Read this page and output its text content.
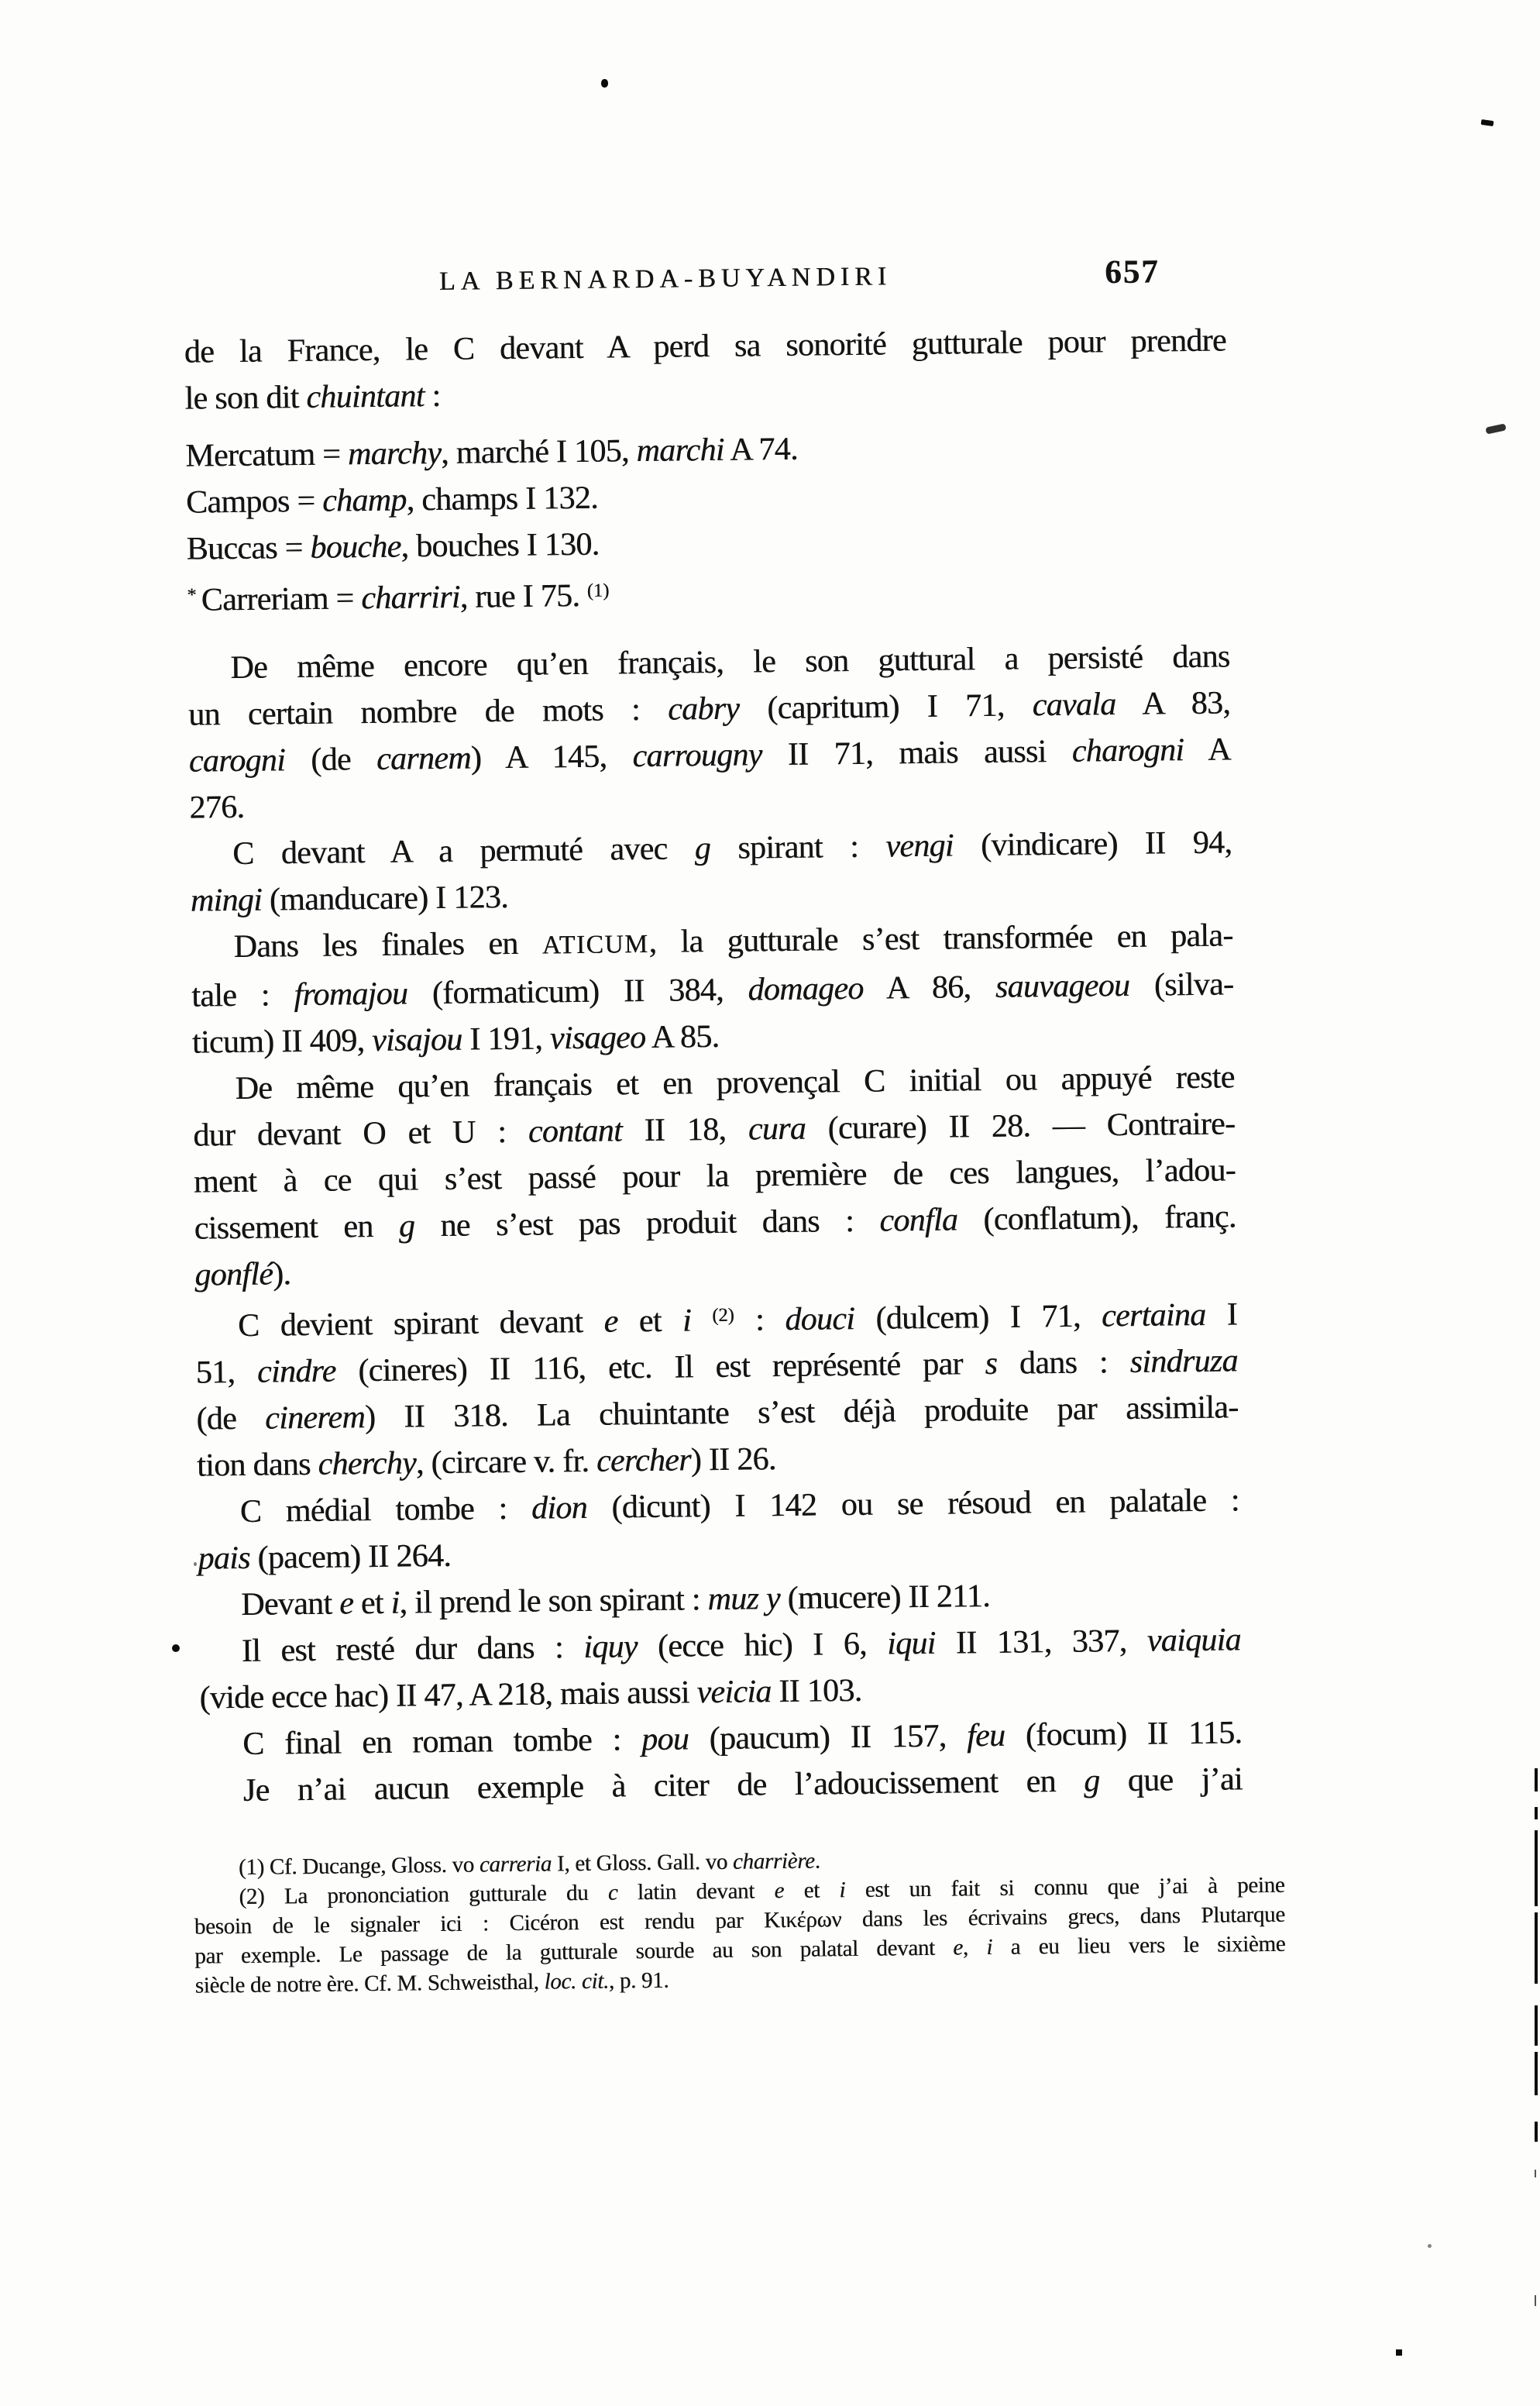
LA BERNARDA-BUYANDIRI	657
de la France, le C devant A perd sa sonorité gutturale pour prendre
le son dit chuintant :
Mercatum = marchy, marché I 105, marchi A 74.
Campos = champ, champs I 132.
Buccas = bouche, bouches I 130.
* Carreriam = charriri, rue I 75. $^{(1)}$
De même encore qu’en français, le son guttural a persisté dans
un certain nombre de mots : cabry (capritum) I 71, cavala A 83,
carogni (de carnem) A 145, carrougny II 71, mais aussi charogni A
276.
C devant A a permuté avec g spirant : vengi (vindicare) II 94,
mingi (manducare) I 123.
Dans les finales en ATICUM, la gutturale s’est transformée en pala-
tale : fromajou (formaticum) II 384, domageo A 86, sauvageou (silva-
ticum) II 409, visajou I 191, visageo A 85.
De même qu’en français et en provençal C initial ou appuyé reste
dur devant O et U : contant II 18, cura (curare) II 28. — Contraire-
ment à ce qui s’est passé pour la première de ces langues, l’adou-
cissement en g ne s’est pas produit dans : confla (conflatum), franç.
gonflé).
C devient spirant devant e et i $^{(2)}$ : douci (dulcem) I 71, certaina I
51, cindre (cineres) II 116, etc. Il est représenté par s dans : sindruza
(de cinerem) II 318. La chuintante s’est déjà produite par assimila-
tion dans cherchy, (circare v. fr. cercher) II 26.
C médial tombe : dion (dicunt) I 142 ou se résoud en palatale :
pais (pacem) II 264.
Devant e et i, il prend le son spirant : muz y (mucere) II 211.
Il est resté dur dans : iquy (ecce hic) I 6, iqui II 131, 337, vaiquia
(vide ecce hac) II 47, A 218, mais aussi veicia II 103.
C final en roman tombe : pou (paucum) II 157, feu (focum) II 115.
Je n’ai aucun exemple à citer de l’adoucissement en g que j’ai
(1) Cf. Ducange, Gloss. vo carreria I, et Gloss. Gall. vo charrière.
(2) La prononciation gutturale du c latin devant e et i est un fait si connu que j’ai à peine
besoin de le signaler ici : Cicéron est rendu par Κικέρων dans les écrivains grecs, dans Plutarque
par exemple. Le passage de la gutturale sourde au son palatal devant e, i a eu lieu vers le sixième
siècle de notre ère. Cf. M. Schweisthal, loc. cit., p. 91.
